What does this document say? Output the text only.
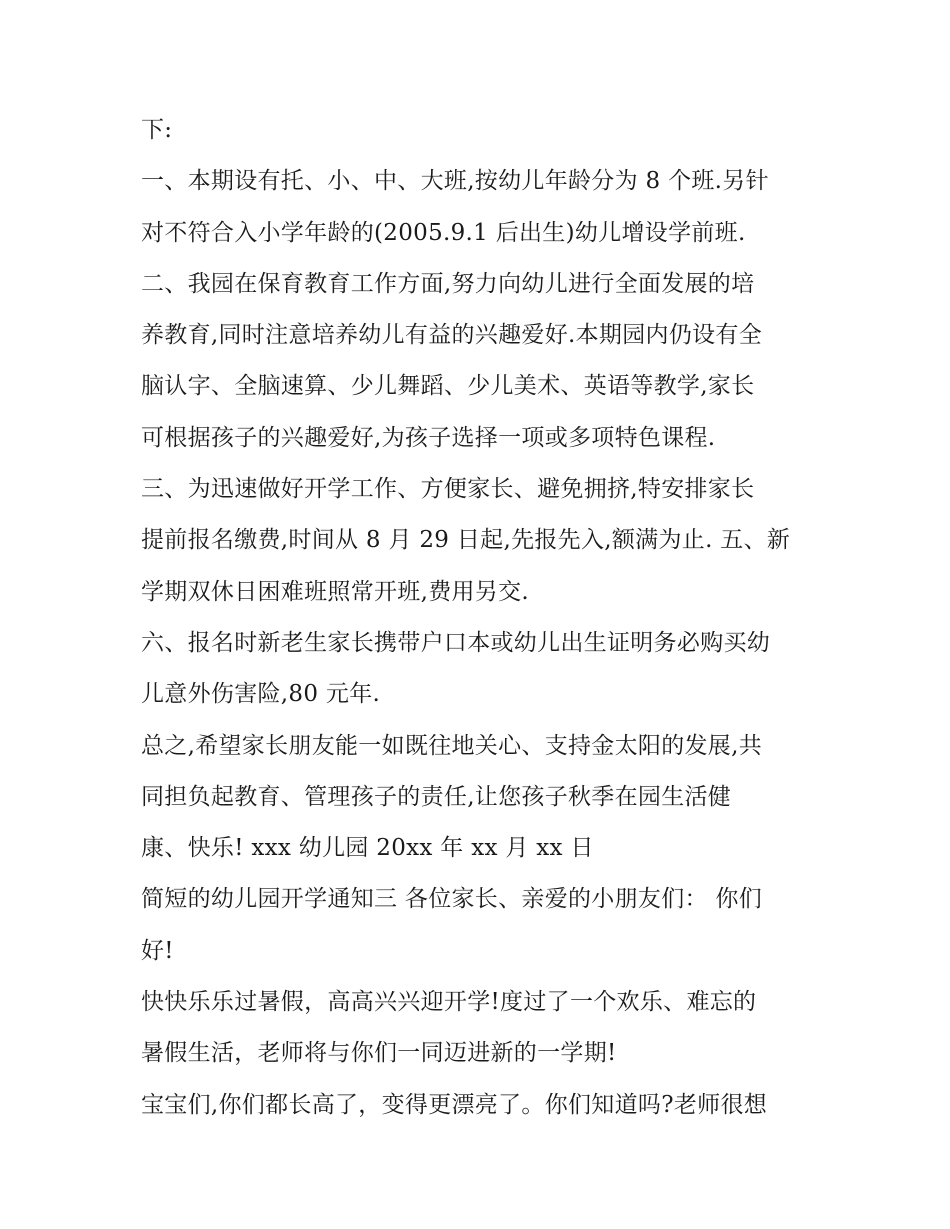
下:
一、本期设有托、小、中、大班,按幼儿年龄分为 8 个班.另针
对不符合入小学年龄的(2005.9.1 后出生)幼儿增设学前班.
二、我园在保育教育工作方面,努力向幼儿进行全面发展的培
养教育,同时注意培养幼儿有益的兴趣爱好.本期园内仍设有全
脑认字、全脑速算、少儿舞蹈、少儿美术、英语等教学,家长
可根据孩子的兴趣爱好,为孩子选择一项或多项特色课程.
三、为迅速做好开学工作、方便家长、避免拥挤,特安排家长
提前报名缴费,时间从 8 月 29 日起,先报先入,额满为止. 五、新
学期双休日困难班照常开班,费用另交.
六、报名时新老生家长携带户口本或幼儿出生证明务必购买幼
儿意外伤害险,80 元年.
总之,希望家长朋友能一如既往地关心、支持金太阳的发展,共
同担负起教育、管理孩子的责任,让您孩子秋季在园生活健
康、快乐! xxx 幼儿园 20xx 年 xx 月 xx 日
简短的幼儿园开学通知三 各位家长、亲爱的小朋友们： 你们
好!
快快乐乐过暑假，高高兴兴迎开学!度过了一个欢乐、难忘的
暑假生活，老师将与你们一同迈进新的一学期!
宝宝们,你们都长高了，变得更漂亮了。你们知道吗?老师很想
